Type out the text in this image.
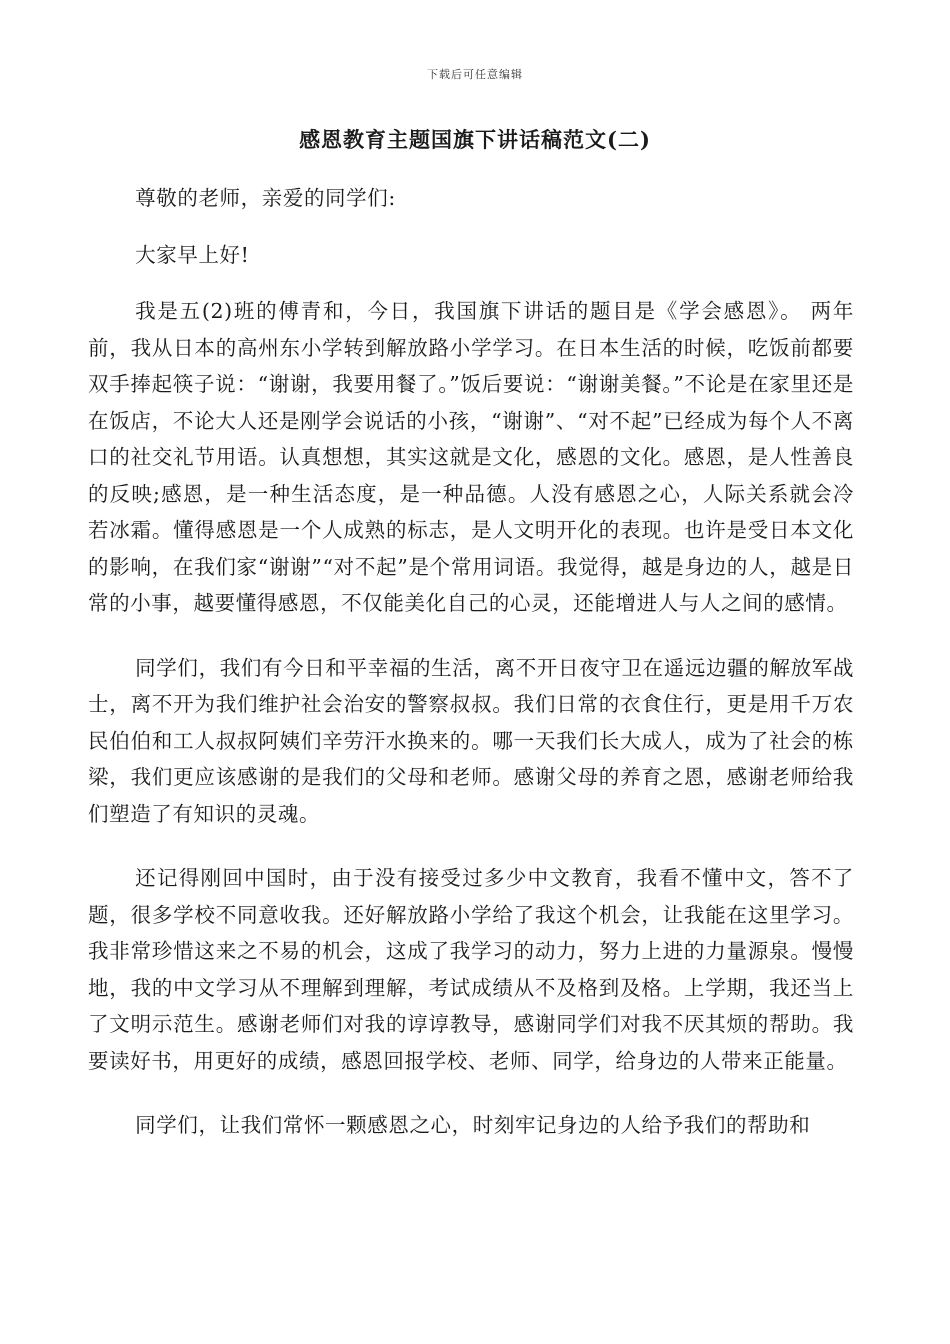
下载后可任意编辑
感恩教育主题国旗下讲话稿范文(二)

尊敬的老师，亲爱的同学们:

大家早上好!

我是五(2)班的傅青和，今日，我国旗下讲话的题目是《学会感恩》。 两年前，我从日本的高州东小学转到解放路小学学习。在日本生活的时候，吃饭前都要双手捧起筷子说：“谢谢，我要用餐了。”饭后要说：“谢谢美餐。”不论是在家里还是在饭店，不论大人还是刚学会说话的小孩，“谢谢”、“对不起”已经成为每个人不离口的社交礼节用语。认真想想，其实这就是文化，感恩的文化。感恩，是人性善良的反映;感恩，是一种生活态度，是一种品德。人没有感恩之心，人际关系就会冷若冰霜。懂得感恩是一个人成熟的标志，是人文明开化的表现。也许是受日本文化的影响，在我们家“谢谢”“对不起”是个常用词语。我觉得，越是身边的人，越是日常的小事，越要懂得感恩，不仅能美化自己的心灵，还能增进人与人之间的感情。

同学们，我们有今日和平幸福的生活，离不开日夜守卫在遥远边疆的解放军战士，离不开为我们维护社会治安的警察叔叔。我们日常的衣食住行，更是用千万农民伯伯和工人叔叔阿姨们辛劳汗水换来的。哪一天我们长大成人，成为了社会的栋梁，我们更应该感谢的是我们的父母和老师。感谢父母的养育之恩，感谢老师给我们塑造了有知识的灵魂。

还记得刚回中国时，由于没有接受过多少中文教育，我看不懂中文，答不了题，很多学校不同意收我。还好解放路小学给了我这个机会，让我能在这里学习。我非常珍惜这来之不易的机会，这成了我学习的动力，努力上进的力量源泉。慢慢地，我的中文学习从不理解到理解，考试成绩从不及格到及格。上学期，我还当上了文明示范生。感谢老师们对我的谆谆教导，感谢同学们对我不厌其烦的帮助。我要读好书，用更好的成绩，感恩回报学校、老师、同学，给身边的人带来正能量。

同学们，让我们常怀一颗感恩之心，时刻牢记身边的人给予我们的帮助和
